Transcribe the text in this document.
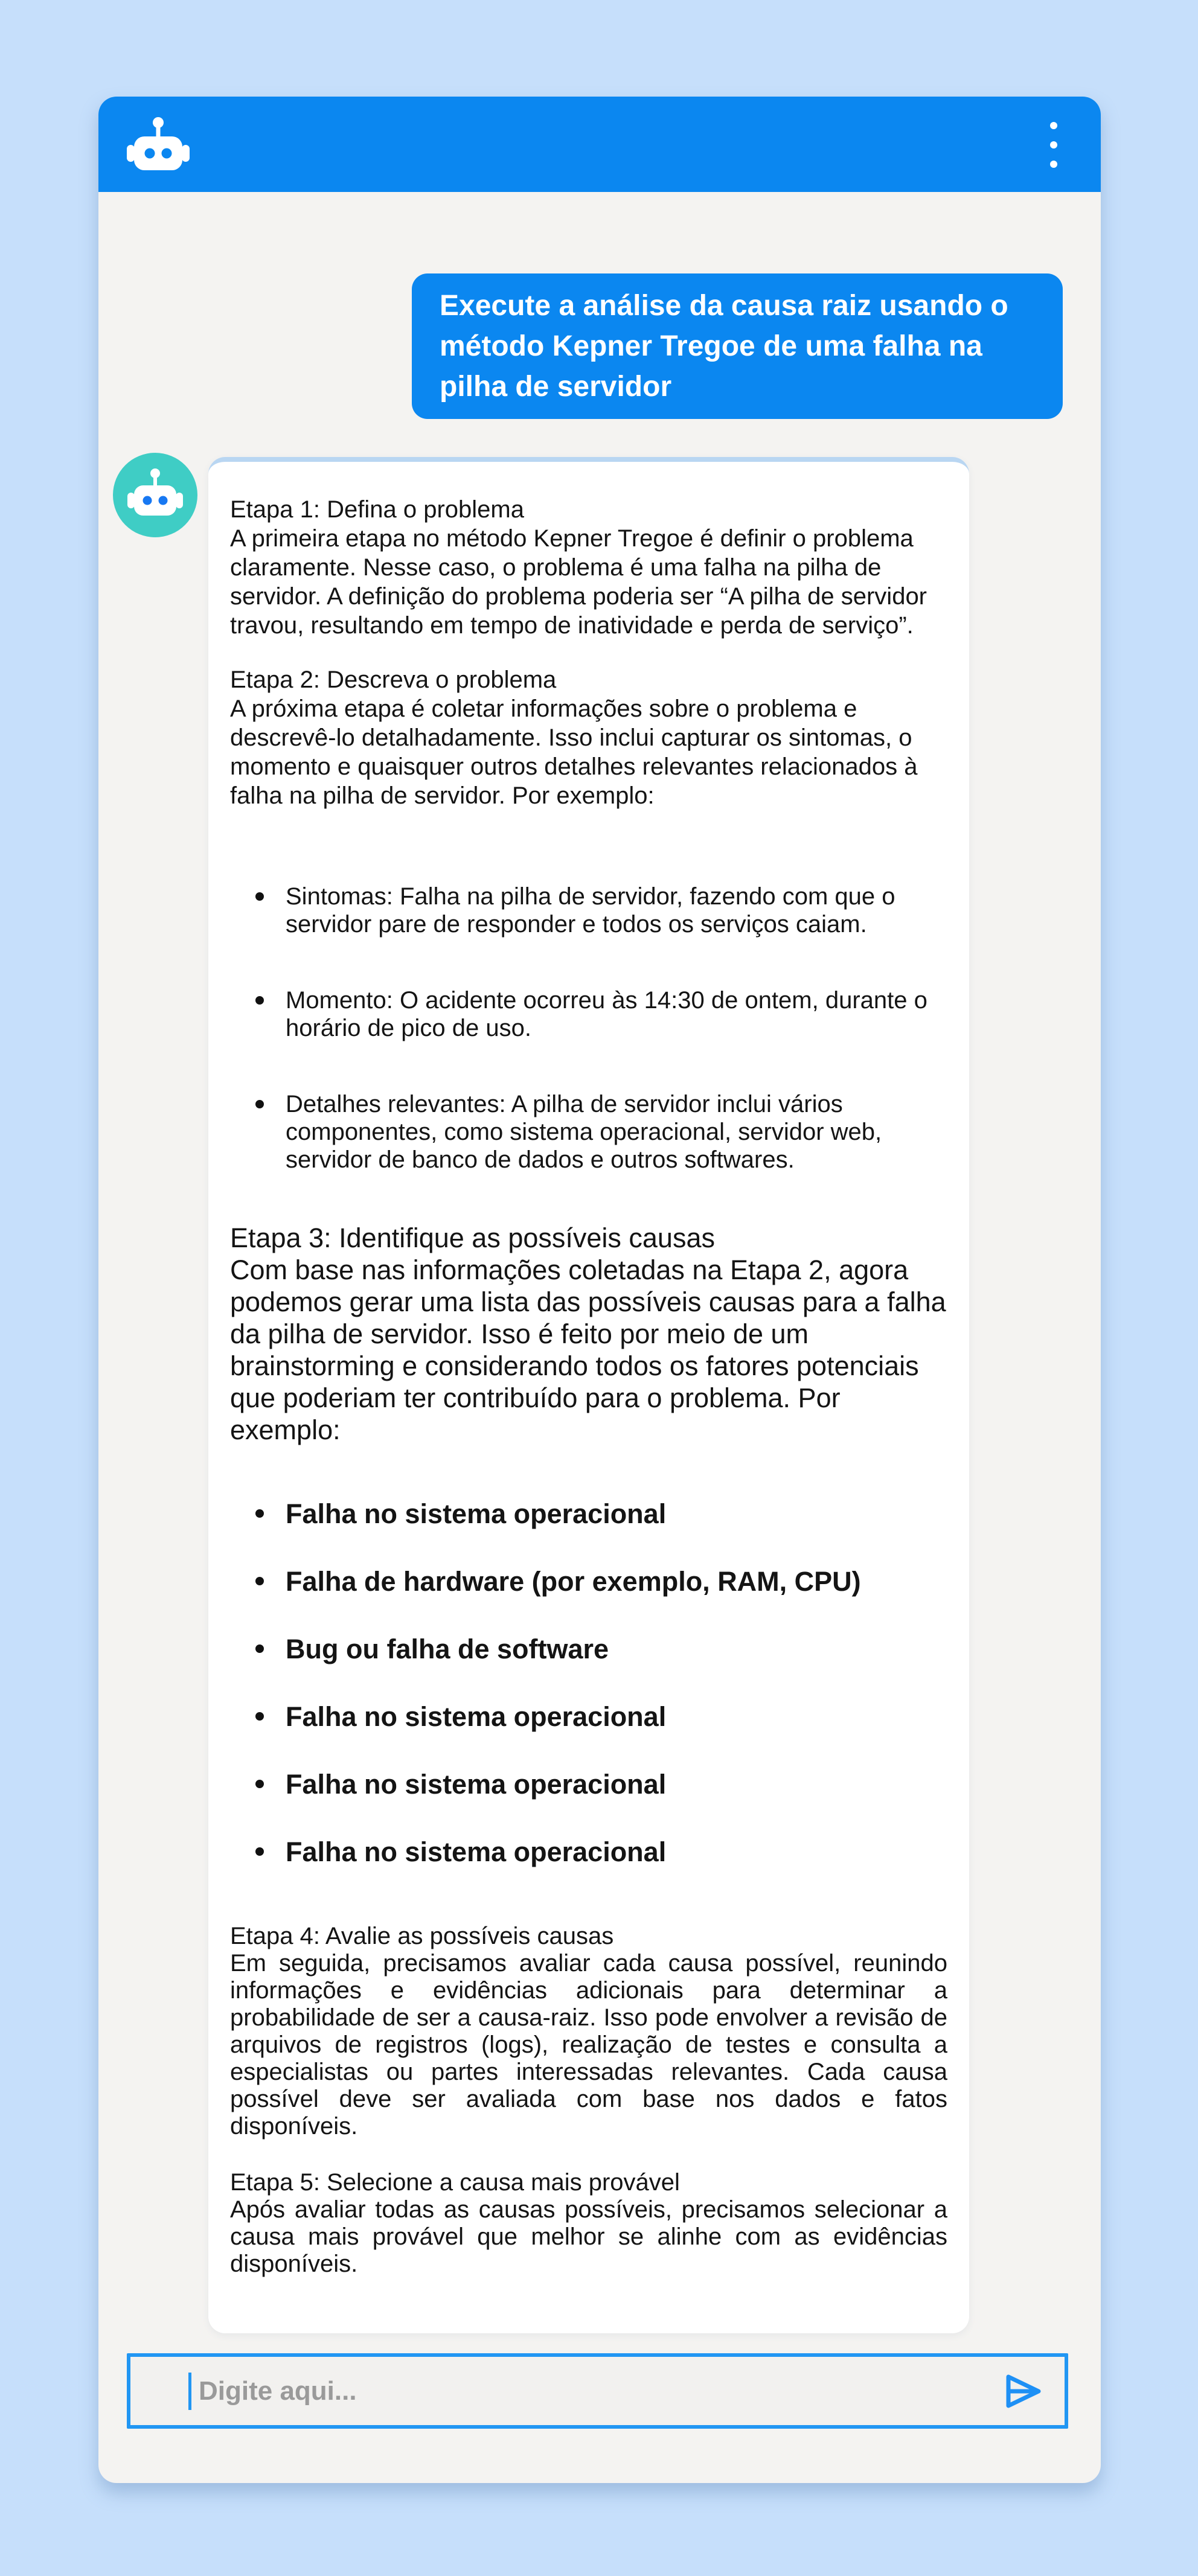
Execute a análise da causa raiz usando o método Kepner Tregoe de uma falha na pilha de servidor
Etapa 1: Defina o problema
A primeira etapa no método Kepner Tregoe é definir o problema claramente. Nesse caso, o problema é uma falha na pilha de servidor. A definição do problema poderia ser “A pilha de servidor travou, resultando em tempo de inatividade e perda de serviço”.
Etapa 2: Descreva o problema
A próxima etapa é coletar informações sobre o problema e descrevê-lo detalhadamente. Isso inclui capturar os sintomas, o momento e quaisquer outros detalhes relevantes relacionados à falha na pilha de servidor. Por exemplo:
Sintomas: Falha na pilha de servidor, fazendo com que o servidor pare de responder e todos os serviços caiam.
Momento: O acidente ocorreu às 14:30 de ontem, durante o horário de pico de uso.
Detalhes relevantes: A pilha de servidor inclui vários componentes, como sistema operacional, servidor web, servidor de banco de dados e outros softwares.
Etapa 3: Identifique as possíveis causas
Com base nas informações coletadas na Etapa 2, agora podemos gerar uma lista das possíveis causas para a falha da pilha de servidor. Isso é feito por meio de um brainstorming e considerando todos os fatores potenciais que poderiam ter contribuído para o problema. Por exemplo:
Falha no sistema operacional
Falha de hardware (por exemplo, RAM, CPU)
Bug ou falha de software
Falha no sistema operacional
Falha no sistema operacional
Falha no sistema operacional
Etapa 4: Avalie as possíveis causas
Em seguida, precisamos avaliar cada causa possível, reunindo informações e evidências adicionais para determinar a probabilidade de ser a causa-raiz. Isso pode envolver a revisão de arquivos de registros (logs), realização de testes e consulta a especialistas ou partes interessadas relevantes. Cada causa possível deve ser avaliada com base nos dados e fatos disponíveis.
Etapa 5: Selecione a causa mais provável
Após avaliar todas as causas possíveis, precisamos selecionar a causa mais provável que melhor se alinhe com as evidências disponíveis.
Digite aqui...
